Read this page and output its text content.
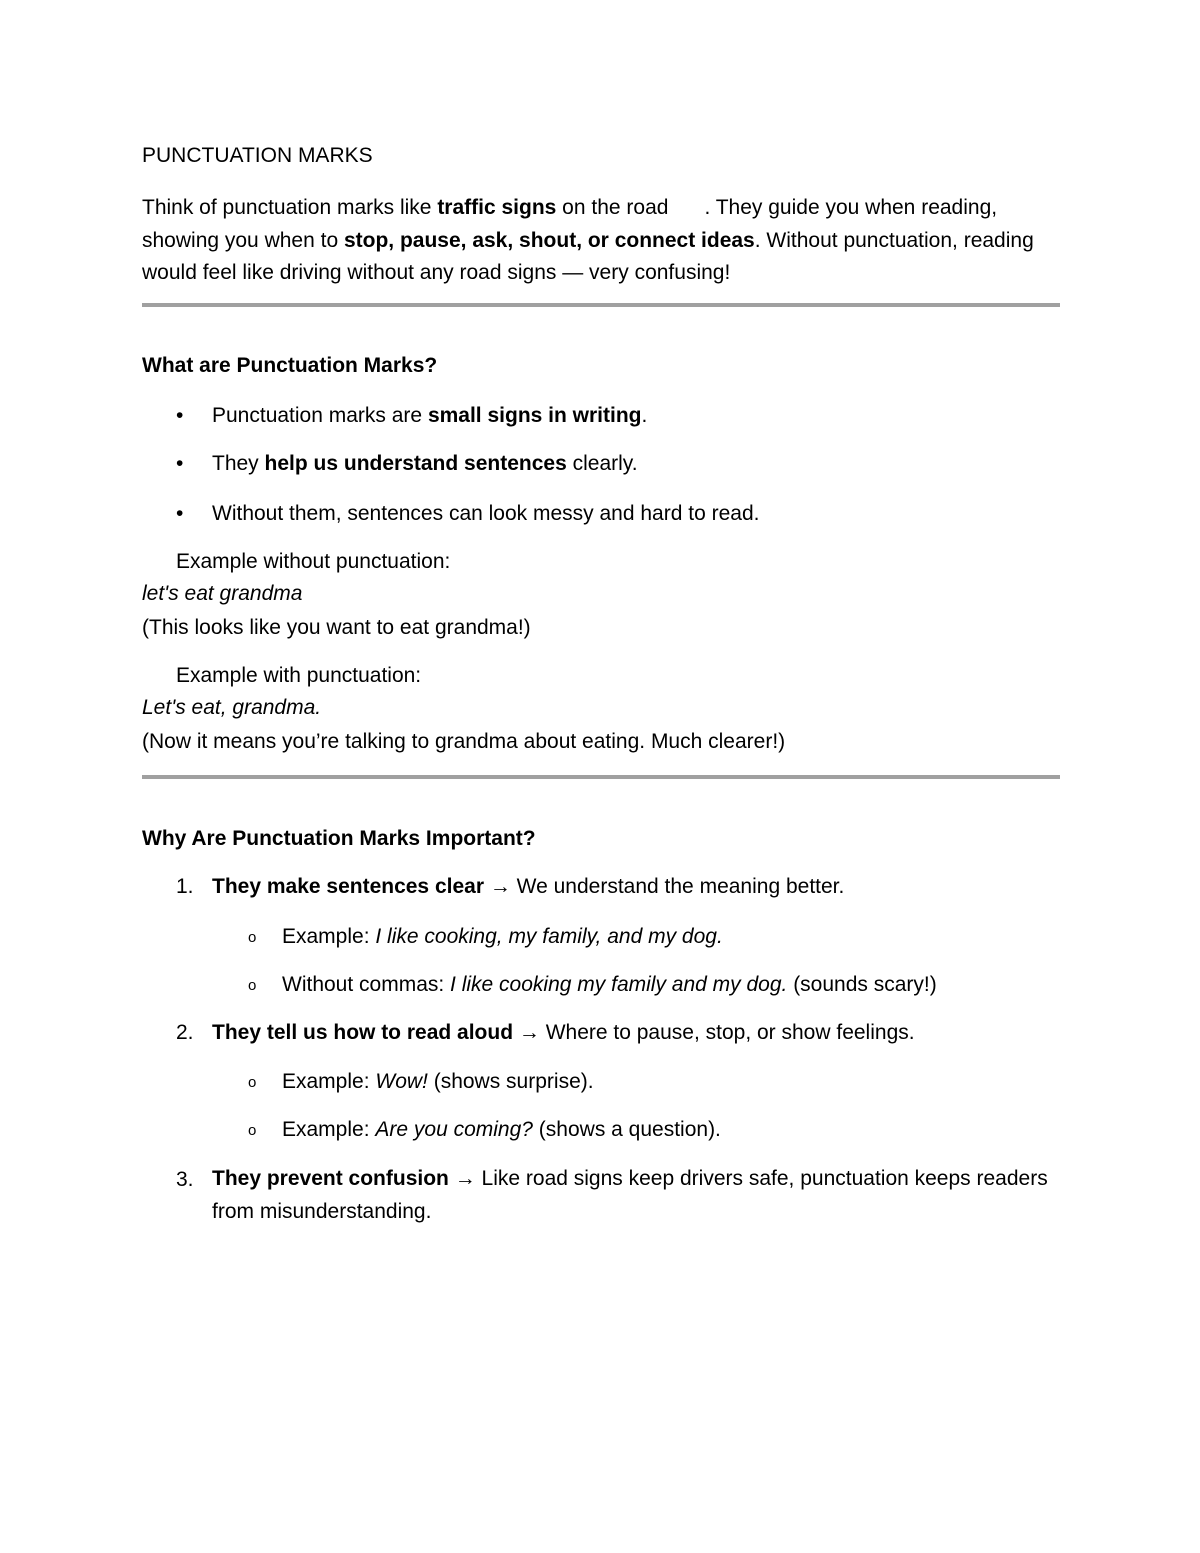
PUNCTUATION MARKS
Think of punctuation marks like traffic signs on the road . They guide you when reading,
showing you when to stop, pause, ask, shout, or connect ideas. Without punctuation, reading
would feel like driving without any road signs — very confusing!
What are Punctuation Marks?
• Punctuation marks are small signs in writing.
• They help us understand sentences clearly.
• Without them, sentences can look messy and hard to read.
Example without punctuation:
let's eat grandma
(This looks like you want to eat grandma!)
Example with punctuation:
Let's eat, grandma.
(Now it means you’re talking to grandma about eating. Much clearer!)
Why Are Punctuation Marks Important?
1. They make sentences clear → We understand the meaning better.
o Example: I like cooking, my family, and my dog.
o Without commas: I like cooking my family and my dog. (sounds scary!)
2. They tell us how to read aloud → Where to pause, stop, or show feelings.
o Example: Wow! (shows surprise).
o Example: Are you coming? (shows a question).
3. They prevent confusion → Like road signs keep drivers safe, punctuation keeps readers from misunderstanding.
